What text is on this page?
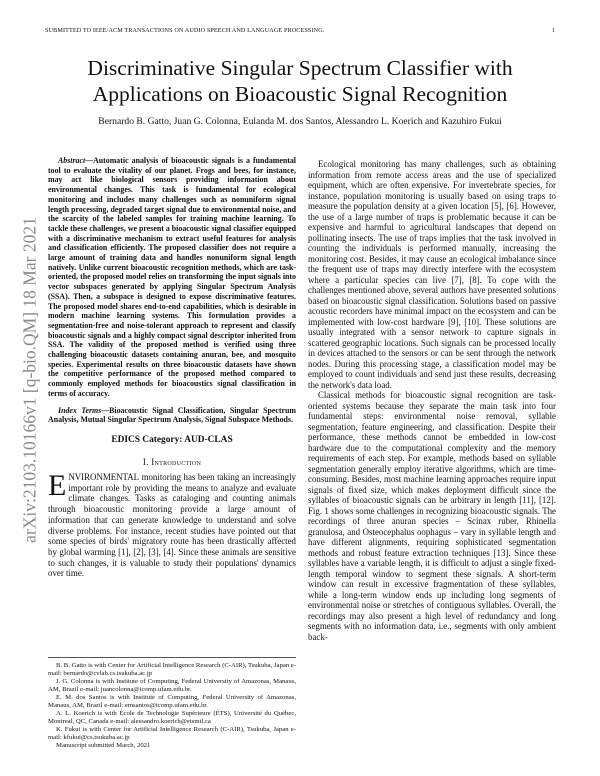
SUBMITTED TO IEEE/ACM TRANSACTIONS ON AUDIO SPEECH AND LANGUAGE PROCESSING.	1
arXiv:2103.10166v1 [q-bio.QM] 18 Mar 2021
Discriminative Singular Spectrum Classifier with Applications on Bioacoustic Signal Recognition
Bernardo B. Gatto, Juan G. Colonna, Eulanda M. dos Santos, Alessandro L. Koerich and Kazuhiro Fukui

Abstract—Automatic analysis of bioacoustic signals is a fundamental tool to evaluate the vitality of our planet. Frogs and bees, for instance, may act like biological sensors providing information about environmental changes. This task is fundamental for ecological monitoring and includes many challenges such as nonuniform signal length processing, degraded target signal due to environmental noise, and the scarcity of the labeled samples for training machine learning. To tackle these challenges, we present a bioacoustic signal classifier equipped with a discriminative mechanism to extract useful features for analysis and classification efficiently. The proposed classifier does not require a large amount of training data and handles nonuniform signal length natively. Unlike current bioacoustic recognition methods, which are task-oriented, the proposed model relies on transforming the input signals into vector subspaces generated by applying Singular Spectrum Analysis (SSA). Then, a subspace is designed to expose discriminative features. The proposed model shares end-to-end capabilities, which is desirable in modern machine learning systems. This formulation provides a segmentation-free and noise-tolerant approach to represent and classify bioacoustic signals and a highly compact signal descriptor inherited from SSA. The validity of the proposed method is verified using three challenging bioacoustic datasets containing anuran, bee, and mosquito species. Experimental results on three bioacoustic datasets have shown the competitive performance of the proposed method compared to commonly employed methods for bioacoustics signal classification in terms of accuracy.

Index Terms—Bioacoustic Signal Classification, Singular Spectrum Analysis, Mutual Singular Spectrum Analysis, Signal Subspace Methods.

EDICS Category: AUD-CLAS

I. Introduction

ENVIRONMENTAL monitoring has been taking an increasingly important role by providing the means to analyze and evaluate climate changes. Tasks as cataloging and counting animals through bioacoustic monitoring provide a large amount of information that can generate knowledge to understand and solve diverse problems. For instance, recent studies have pointed out that some species of birds' migratory route has been drastically affected by global warming [1], [2], [3], [4]. Since these animals are sensitive to such changes, it is valuable to study their populations' dynamics over time.

B. B. Gatto is with Center for Artificial Intelligence Research (C-AIR), Tsukuba, Japan e-mail: bernardo@cvlab.cs.tsukuba.ac.jp

J. G. Colonna is with Institute of Computing, Federal University of Amazonas, Manaus, AM, Brazil e-mail: juancolonna@icomp.ufam.edu.br.

E. M. dos Santos is with Institute of Computing, Federal University of Amazonas, Manaus, AM, Brazil e-mail: emsantos@icomp.ufam.edu.br.

A. L. Koerich is with École de Technologie Supérieure (ÉTS), Université du Québec, Montreal, QC, Canada e-mail: alessandro.koerich@etsmtl.ca

K. Fukui is with Center for Artificial Intelligence Research (C-AIR), Tsukuba, Japan e-mail: kfukui@cs.tsukuba.ac.jp

Manuscript submitted March, 2021

Ecological monitoring has many challenges, such as obtaining information from remote access areas and the use of specialized equipment, which are often expensive. For invertebrate species, for instance, population monitoring is usually based on using traps to measure the population density at a given location [5], [6]. However, the use of a large number of traps is problematic because it can be expensive and harmful to agricultural landscapes that depend on pollinating insects. The use of traps implies that the task involved in counting the individuals is performed manually, increasing the monitoring cost. Besides, it may cause an ecological imbalance since the frequent use of traps may directly interfere with the ecosystem where a particular species can live [7], [8]. To cope with the challenges mentioned above, several authors have presented solutions based on bioacoustic signal classification. Solutions based on passive acoustic recorders have minimal impact on the ecosystem and can be implemented with low-cost hardware [9], [10]. These solutions are usually integrated with a sensor network to capture signals in scattered geographic locations. Such signals can be processed locally in devices attached to the sensors or can be sent through the network nodes. During this processing stage, a classification model may be employed to count individuals and send just these results, decreasing the network's data load.

Classical methods for bioacoustic signal recognition are task-oriented systems because they separate the main task into four fundamental steps: environmental noise removal, syllable segmentation, feature engineering, and classification. Despite their performance, these methods cannot be embedded in low-cost hardware due to the computational complexity and the memory requirements of each step. For example, methods based on syllable segmentation generally employ iterative algorithms, which are time-consuming. Besides, most machine learning approaches require input signals of fixed size, which makes deployment difficult since the syllables of bioacoustic signals can be arbitrary in length [11], [12]. Fig. 1 shows some challenges in recognizing bioacoustic signals. The recordings of three anuran species – Scinax ruber, Rhinella granulosa, and Osteocephalus oophagus – vary in syllable length and have different alignments, requiring sophisticated segmentation methods and robust feature extraction techniques [13]. Since these syllables have a variable length, it is difficult to adjust a single fixed-length temporal window to segment these signals. A short-term window can result in excessive fragmentation of these syllables, while a long-term window ends up including long segments of environmental noise or stretches of contiguous syllables. Overall, the recordings may also present a high level of redundancy and long segments with no information data, i.e., segments with only ambient back-
